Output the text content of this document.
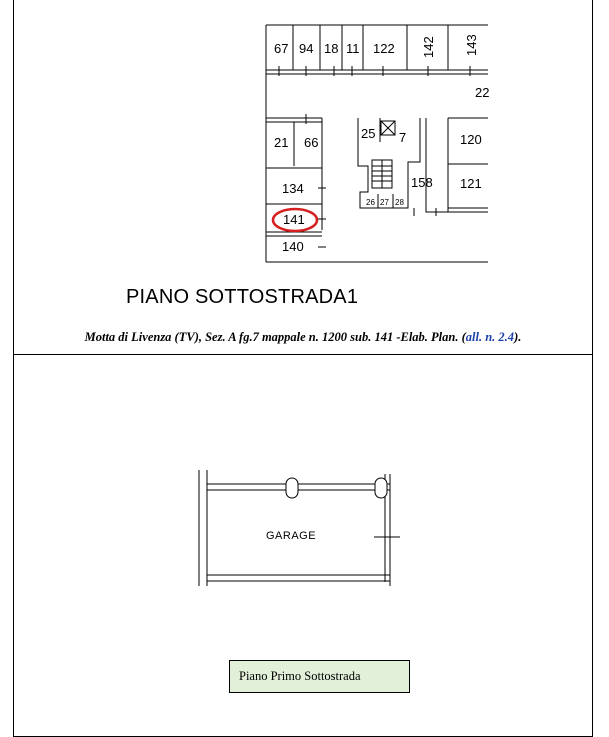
67 94 18 11 122 142 143
22
25 7	120
21 66
134	158 121
141
140
26 27 28
GARAGE
PIANO SOTTOSTRADA1
Motta di Livenza (TV), Sez. A fg.7 mappale n. 1200 sub. 141 -Elab. Plan. (all. n. 2.4).
Piano Primo Sottostrada
